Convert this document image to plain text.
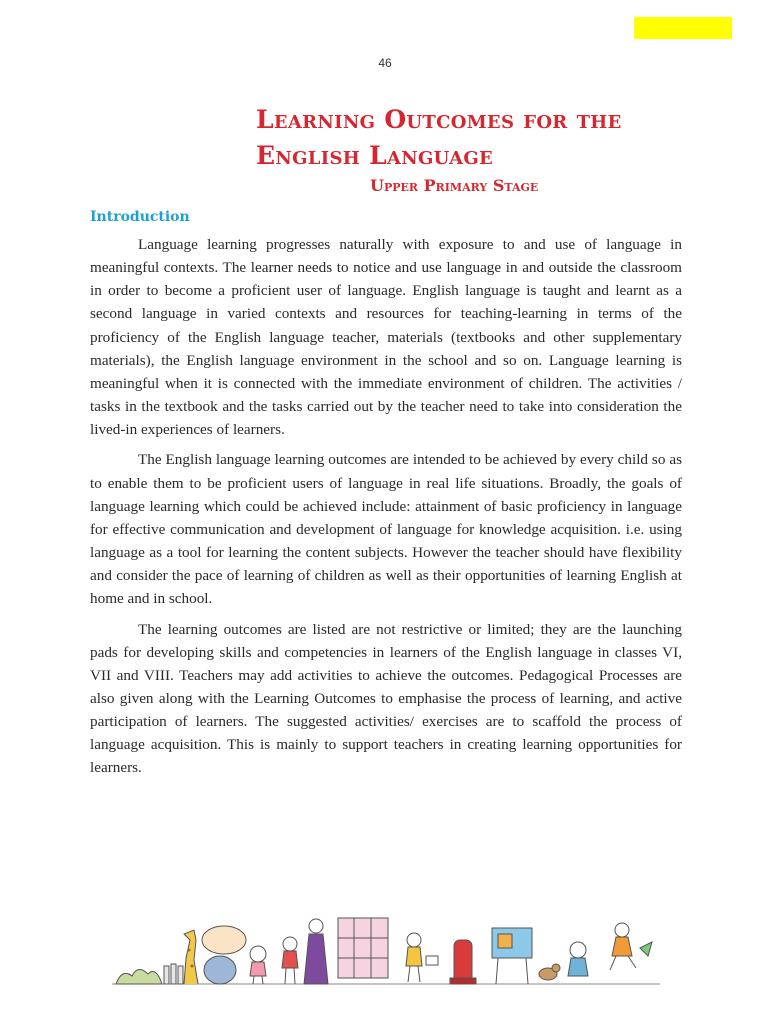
46
Learning Outcomes for the
English Language
Upper Primary Stage
Introduction

Language learning progresses naturally with exposure to and use of language in meaningful contexts. The learner needs to notice and use language in and outside the classroom in order to become a proficient user of language. English language is taught and learnt as a second language in varied contexts and resources for teaching-learning in terms of the proficiency of the English language teacher, materials (textbooks and other supplementary materials), the English language environment in the school and so on. Language learning is meaningful when it is connected with the immediate environment of children. The activities / tasks in the textbook and the tasks carried out by the teacher need to take into consideration the lived-in experiences of learners.

The English language learning outcomes are intended to be achieved by every child so as to enable them to be proficient users of language in real life situations. Broadly, the goals of language learning which could be achieved include: attainment of basic proficiency in language for effective communication and development of language for knowledge acquisition. i.e. using language as a tool for learning the content subjects. However the teacher should have flexibility and consider the pace of learning of children as well as their opportunities of learning English at home and in school.

The learning outcomes are listed are not restrictive or limited; they are the launching pads for developing skills and competencies in learners of the English language in classes VI, VII and VIII. Teachers may add activities to achieve the outcomes. Pedagogical Processes are also given along with the Learning Outcomes to emphasise the process of learning, and active participation of learners. The suggested activities/ exercises are to scaffold the process of language acquisition. This is mainly to support teachers in creating learning opportunities for learners.
